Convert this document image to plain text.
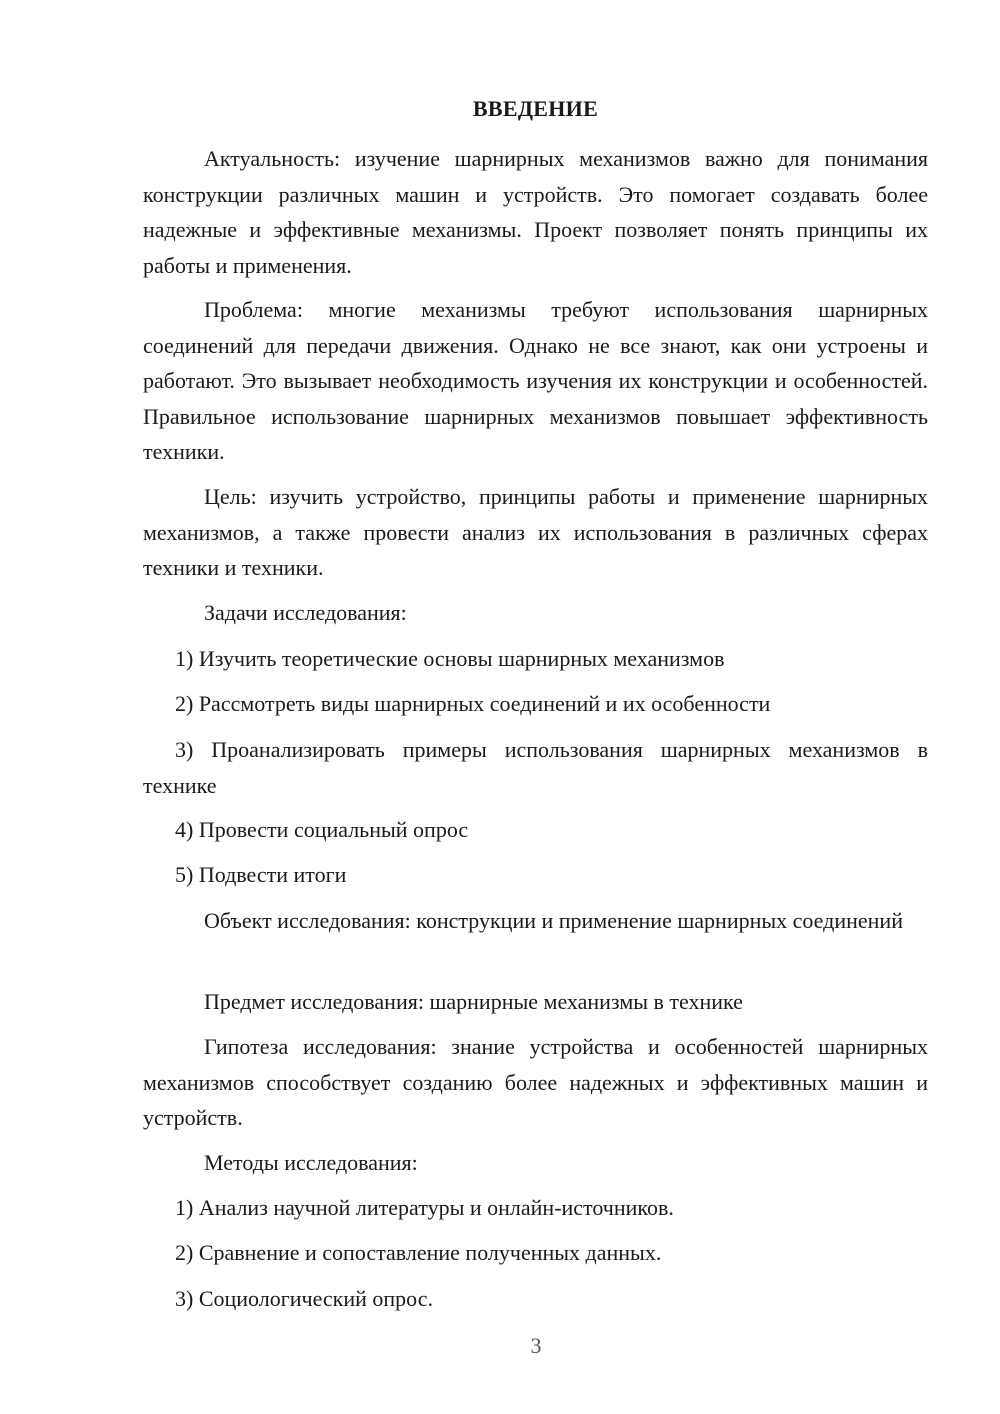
ВВЕДЕНИЕ

Актуальность: изучение шарнирных механизмов важно для понимания конструкции различных машин и устройств. Это помогает создавать более надежные и эффективные механизмы. Проект позволяет понять принципы их работы и применения.

Проблема: многие механизмы требуют использования шарнирных соединений для передачи движения. Однако не все знают, как они устроены и работают. Это вызывает необходимость изучения их конструкции и особенностей. Правильное использование шарнирных механизмов повышает эффективность техники.

Цель: изучить устройство, принципы работы и применение шарнирных механизмов, а также провести анализ их использования в различных сферах техники и техники.

Задачи исследования:

1) Изучить теоретические основы шарнирных механизмов

2) Рассмотреть виды шарнирных соединений и их особенности

3) Проанализировать примеры использования шарнирных механизмов в технике

4) Провести социальный опрос

5) Подвести итоги

Объект исследования: конструкции и применение шарнирных соединений

Предмет исследования: шарнирные механизмы в технике

Гипотеза исследования: знание устройства и особенностей шарнирных механизмов способствует созданию более надежных и эффективных машин и устройств.

Методы исследования:

1) Анализ научной литературы и онлайн-источников.

2) Сравнение и сопоставление полученных данных.

3) Социологический опрос.

3
